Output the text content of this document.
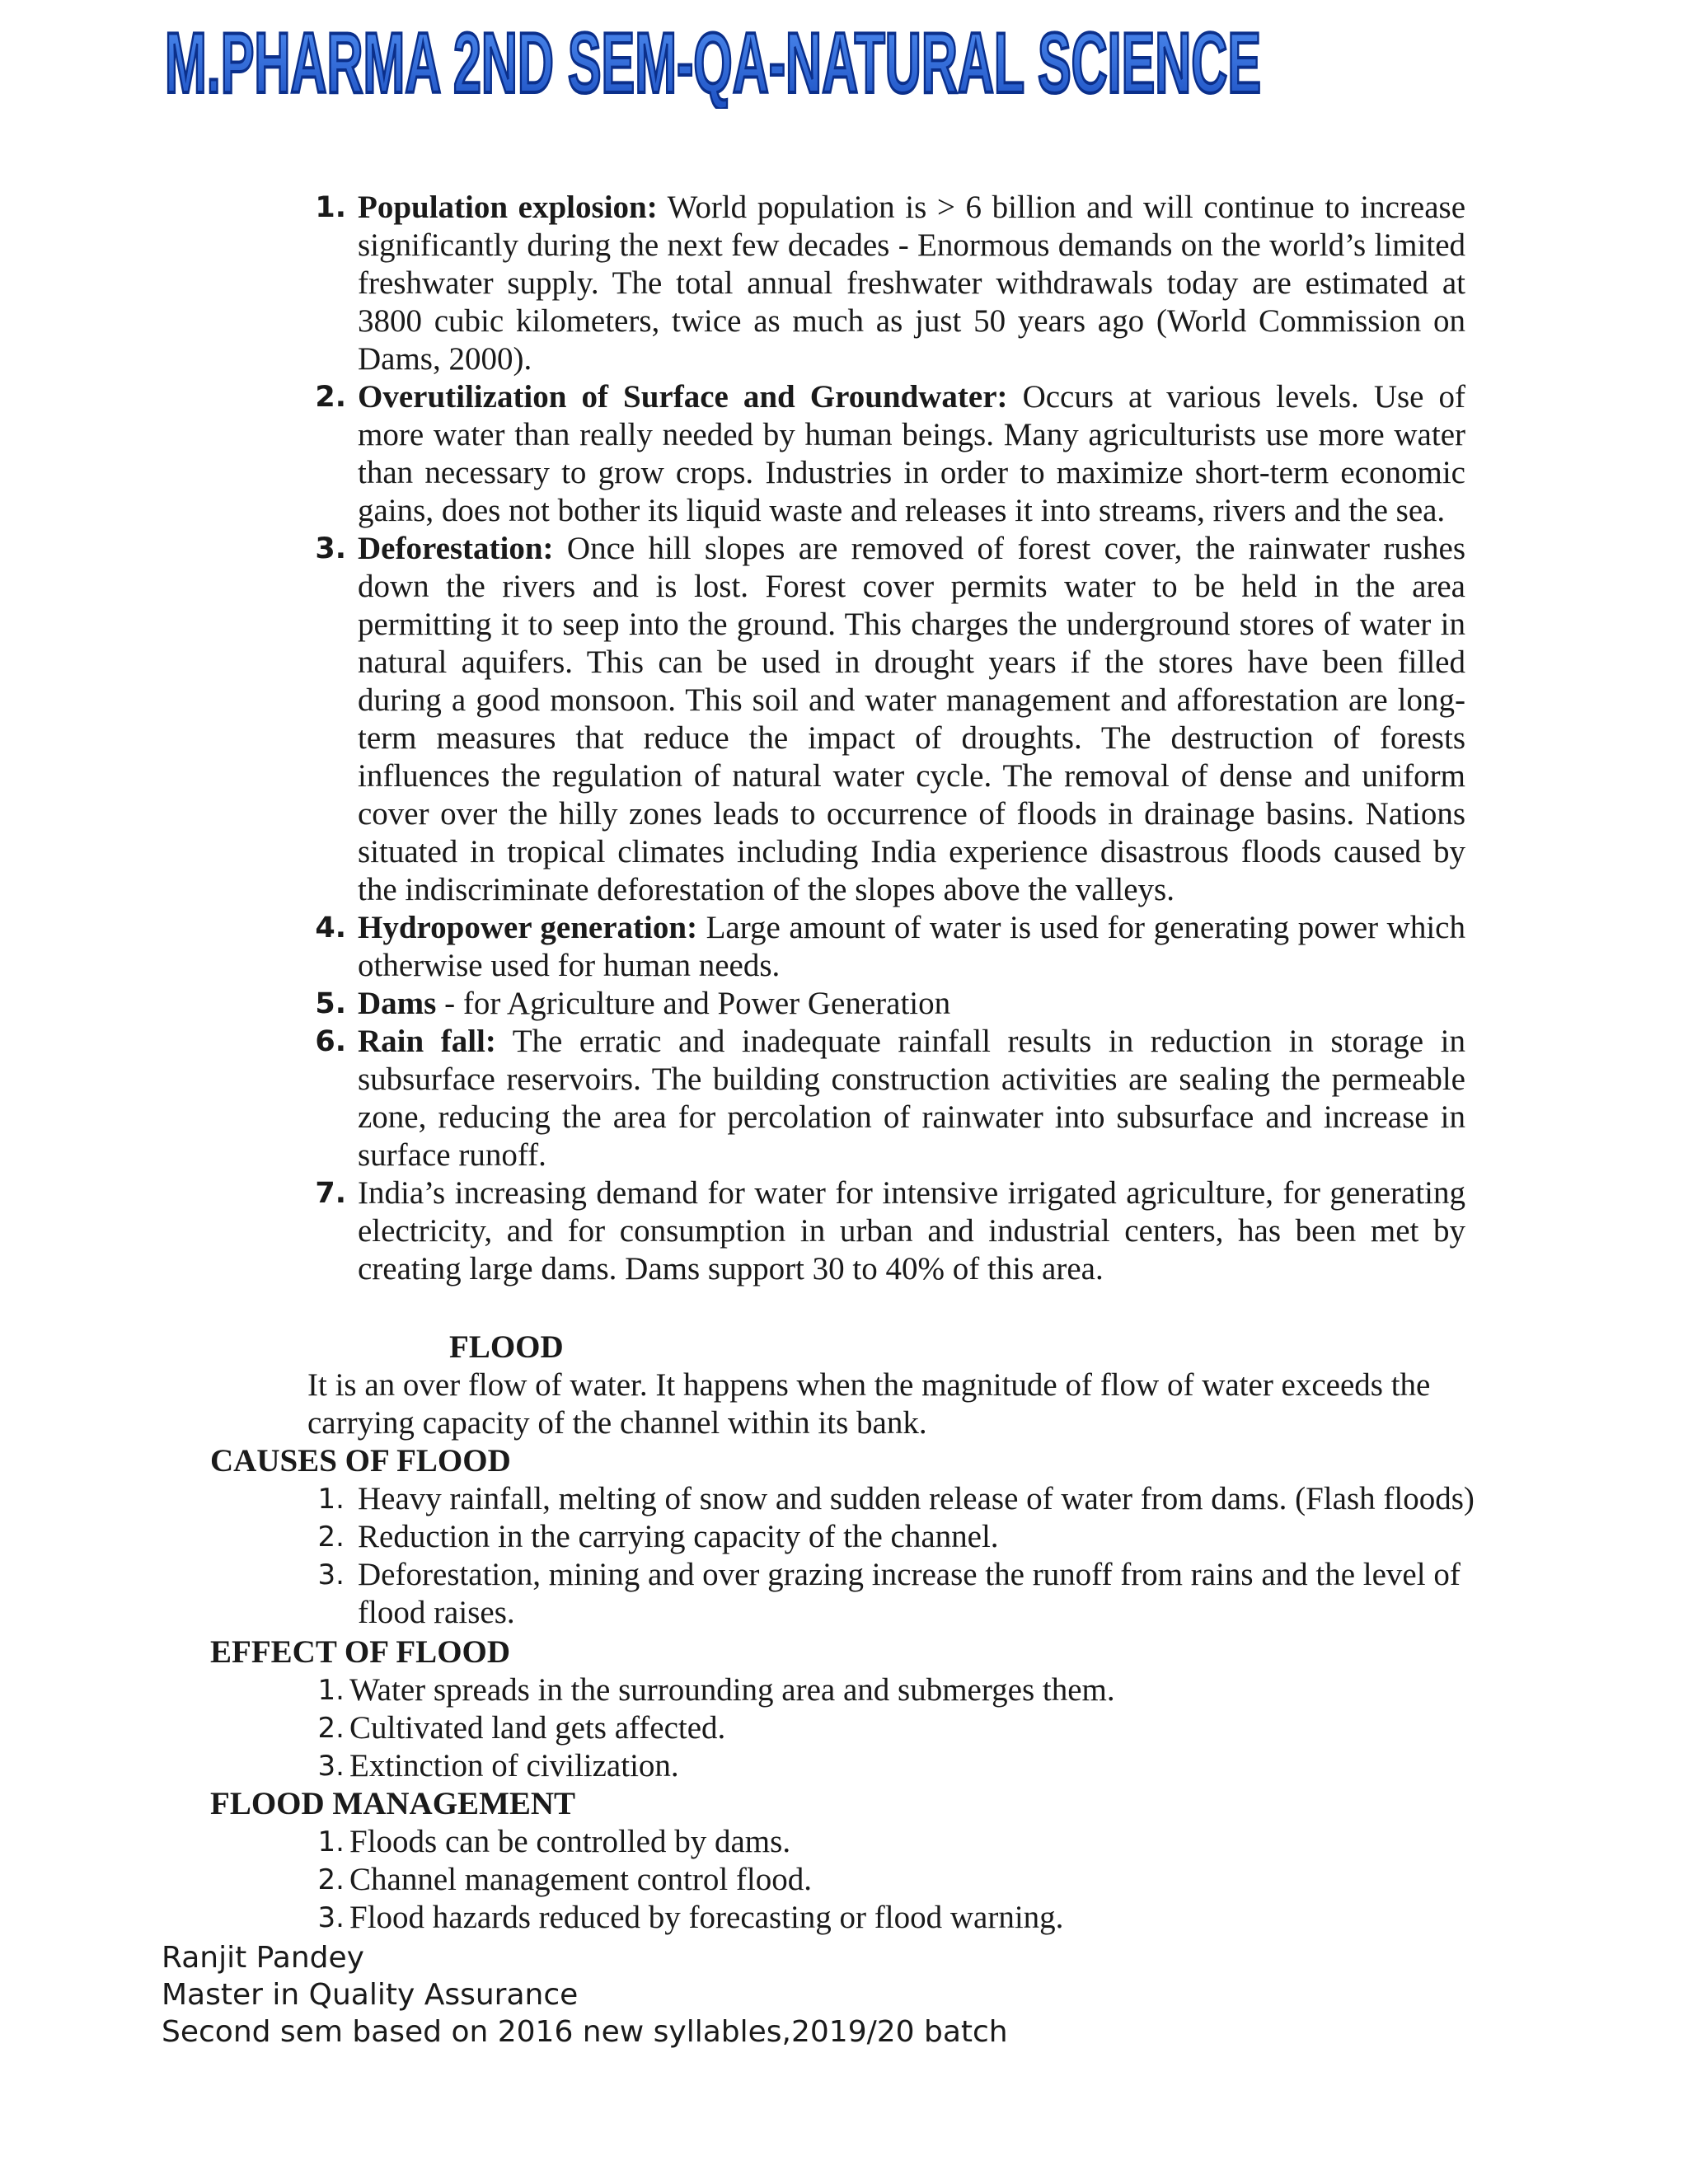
M.PHARMA 2ND SEM-QA-NATURAL SCIENCE
1. Population explosion: World population is > 6 billion and will continue to increase significantly during the next few decades - Enormous demands on the world’s limited freshwater supply. The total annual freshwater withdrawals today are estimated at 3800 cubic kilometers, twice as much as just 50 years ago (World Commission on Dams, 2000).
2. Overutilization of Surface and Groundwater: Occurs at various levels. Use of more water than really needed by human beings. Many agriculturists use more water than necessary to grow crops. Industries in order to maximize short-term economic gains, does not bother its liquid waste and releases it into streams, rivers and the sea.
3. Deforestation: Once hill slopes are removed of forest cover, the rainwater rushes down the rivers and is lost. Forest cover permits water to be held in the area permitting it to seep into the ground. This charges the underground stores of water in natural aquifers. This can be used in drought years if the stores have been filled during a good monsoon. This soil and water management and afforestation are long-term measures that reduce the impact of droughts. The destruction of forests influences the regulation of natural water cycle. The removal of dense and uniform cover over the hilly zones leads to occurrence of floods in drainage basins. Nations situated in tropical climates including India experience disastrous floods caused by the indiscriminate deforestation of the slopes above the valleys.
4. Hydropower generation: Large amount of water is used for generating power which otherwise used for human needs.
5. Dams - for Agriculture and Power Generation
6. Rain fall: The erratic and inadequate rainfall results in reduction in storage in subsurface reservoirs. The building construction activities are sealing the permeable zone, reducing the area for percolation of rainwater into subsurface and increase in surface runoff.
7. India’s increasing demand for water for intensive irrigated agriculture, for generating electricity, and for consumption in urban and industrial centers, has been met by creating large dams. Dams support 30 to 40% of this area.
FLOOD
It is an over flow of water. It happens when the magnitude of flow of water exceeds the carrying capacity of the channel within its bank.
CAUSES OF FLOOD
1. Heavy rainfall, melting of snow and sudden release of water from dams. (Flash floods)
2. Reduction in the carrying capacity of the channel.
3. Deforestation, mining and over grazing increase the runoff from rains and the level of flood raises.
EFFECT OF FLOOD
1. Water spreads in the surrounding area and submerges them.
2. Cultivated land gets affected.
3. Extinction of civilization.
FLOOD MANAGEMENT
1. Floods can be controlled by dams.
2. Channel management control flood.
3. Flood hazards reduced by forecasting or flood warning.
Ranjit Pandey
Master in Quality Assurance
Second sem based on 2016 new syllables,2019/20 batch
